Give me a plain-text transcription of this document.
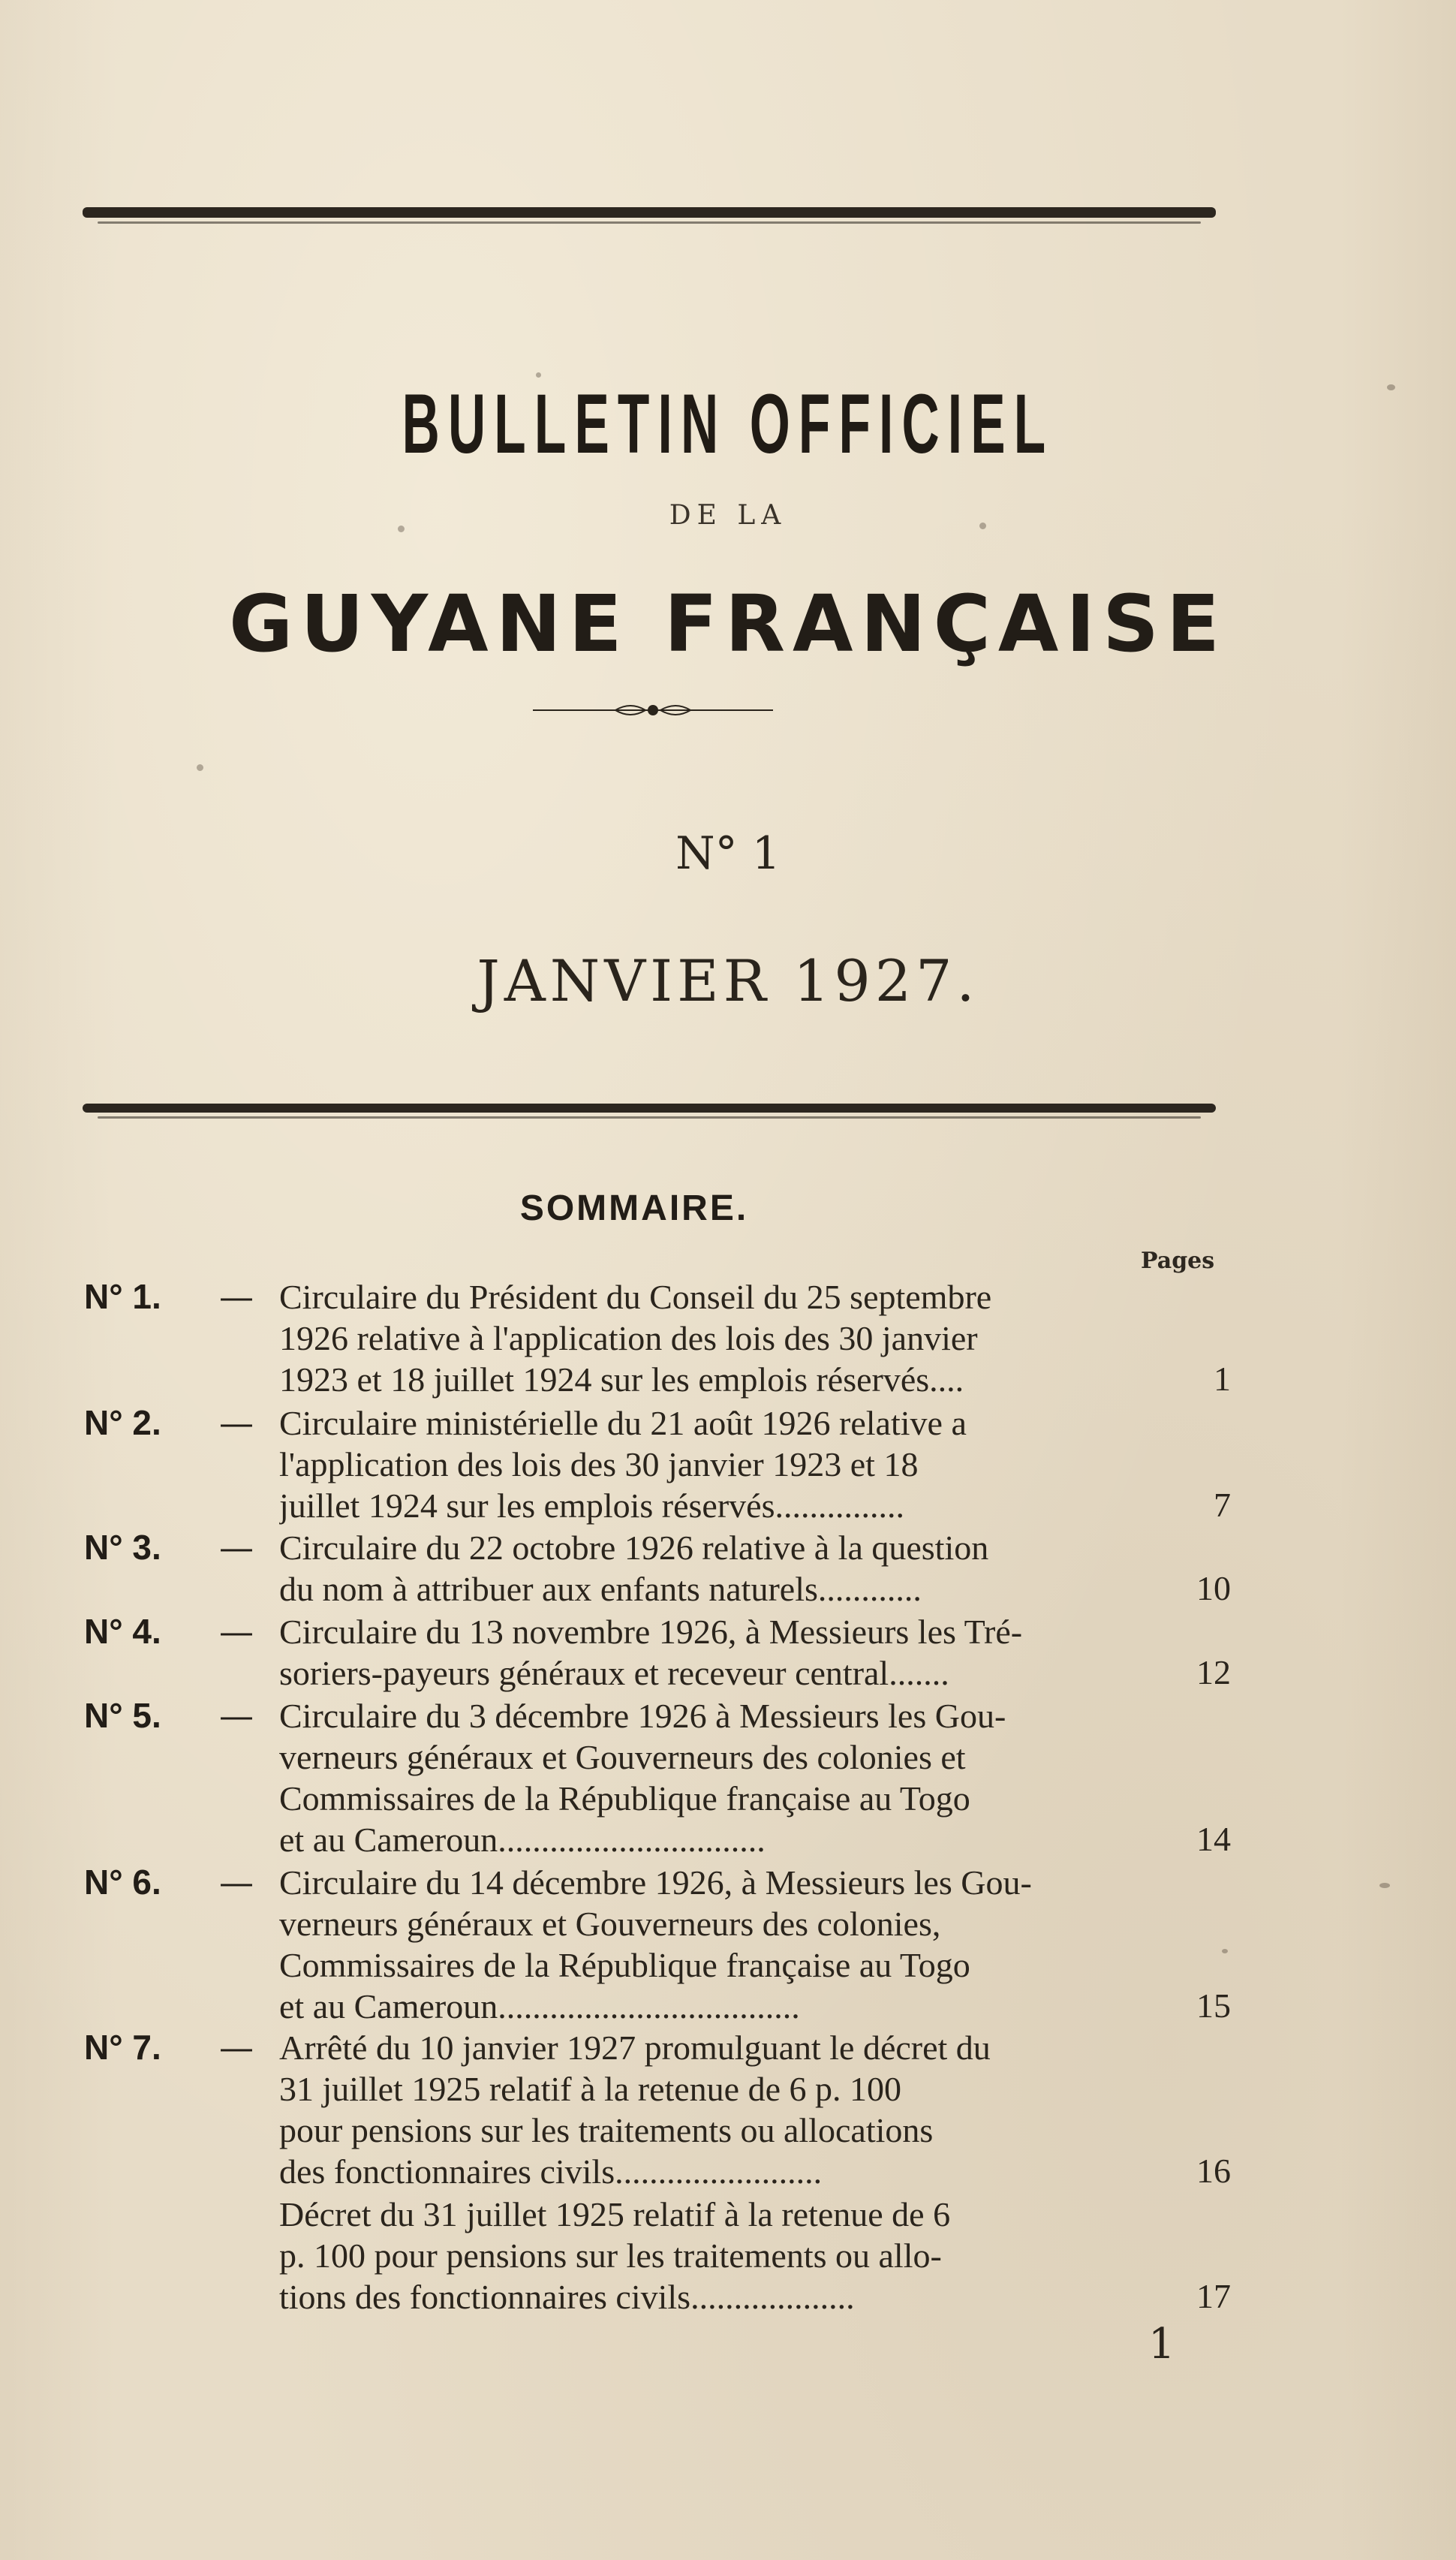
BULLETIN OFFICIEL
DE LA
GUYANE FRANÇAISE
N° 1
JANVIER 1927.
SOMMAIRE.
Pages
N° 1. — Circulaire du Président du Conseil du 25 septembre
1926 relative à l'application des lois des 30 janvier
1923 et 18 juillet 1924 sur les emplois réservés....	1
N° 2. — Circulaire ministérielle du 21 août 1926 relative a
l'application des lois des 30 janvier 1923 et 18
juillet 1924 sur les emplois réservés...............	7
N° 3. — Circulaire du 22 octobre 1926 relative à la question
du nom à attribuer aux enfants naturels............	10
N° 4. — Circulaire du 13 novembre 1926, à Messieurs les Tré-
soriers-payeurs généraux et receveur central.......	12
N° 5. — Circulaire du 3 décembre 1926 à Messieurs les Gou-
verneurs généraux et Gouverneurs des colonies et
Commissaires de la République française au Togo
et au Cameroun...............................	14
N° 6. — Circulaire du 14 décembre 1926, à Messieurs les Gou-
verneurs généraux et Gouverneurs des colonies,
Commissaires de la République française au Togo
et au Cameroun...................................	15
N° 7. — Arrêté du 10 janvier 1927 promulguant le décret du
31 juillet 1925 relatif à la retenue de 6 p. 100
pour pensions sur les traitements ou allocations
des fonctionnaires civils........................	16
Décret du 31 juillet 1925 relatif à la retenue de 6
p. 100 pour pensions sur les traitements ou allo-
tions des fonctionnaires civils...................	17
1
